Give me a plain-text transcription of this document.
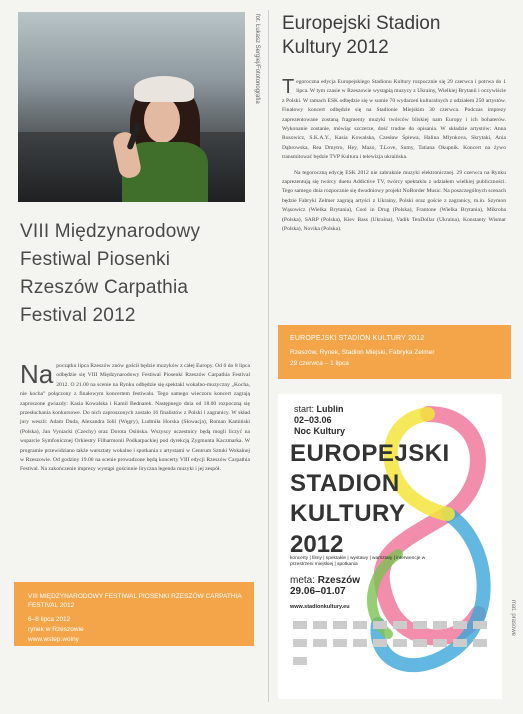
fot. Łukasz Sergiej/Fototonografia
VIII Międzynarodowy
Festiwal Piosenki
Rzeszów Carpathia
Festival 2012
Na początku lipca Rzeszów znów gościł będzie muzyków z całej Europy. Od 6 do 8 lipca odbędzie się VIII Międzynarodowy Festiwal Piosenki Rzeszów Carpathia Festival 2012. O 21.00 na scenie na Rynku odbędzie się spektakl wokalno-muzyczny „Kocha, nie kocha” połączony z finałowym koncertem festiwalu. Tego samego wieczoru koncert zagrają zaproszone gwiazdy: Kasia Kowalska i Kamil Bednarek. Następnego dnia od 18.00 rozpoczną się przesłuchania konkursowe. Do nich zaproszonych zostało 16 finalistów z Polski i zagranicy. W skład jury weszli: Adam Duda, Alexandra Iolii (Węgry), Ludmiła Horska (Słowacja), Roman Kamiński (Polska), Jan Vyniacki (Czechy) oraz Dorota Osińska. Wszyscy uczestnicy będą mogli liczyć na wsparcie Symfonicznej Orkiestry Filharmonii Podkarpackiej pod dyrekcją Zygmunta Kaczmarka. W programie przewidziano także warsztaty wokalne i spotkania z artystami w Centrum Sztuki Wokalnej w Rzeszowie. Od godziny 19.00 na scenie prowadzone będą koncerty VIII edycji Rzeszów Carpathia Festival. Na zakończenie imprezy wystąpi gościnnie liryczna legenda muzyki i jej zespół.
VIII MIĘDZYNARODOWY FESTIWAL PIOSENKI RZESZÓW CARPATHIA FESTIVAL 2012
6–8 lipca 2012
rynek w Rzeszowie
www.wstep.wolny
Europejski Stadion
Kultury 2012

Tegoroczna edycja Europejskiego Stadionu Kultury rozpocznie się 29 czerwca i potrwa do 1 lipca. W tym czasie w Rzeszowie wystąpią muzycy z Ukrainy, Wielkiej Brytanii i oczywiście z Polski. W ramach ESK odbędzie się w sumie 70 wydarzeń kulturalnych z udziałem 250 artystów. Finałowy koncert odbędzie się na Stadionie Miejskim 30 czerwca. Podczas imprezy zaprezentowane zostaną fragmenty muzyki twórców bliskiej nam Europy i ich bohaterów. Wykonanie zostanie, mówiąc szczerze, dość trudne do opisania. W składzie artystów: Anna Rusowicz, S.K.A.Y., Kasia Kowalska, Czesław Śpiewa, Halina Mlynkova, Skrytaki, Ania Dąbrowska, Rea Dmytro, Hey, Mazo, T.Love, Sumy, Tatiana Okupnik. Koncert na żywo transmitować będzie TVP Kultura i telewizja ukraińska.

Na tegoroczną edycję ESK 2012 nie zabraknie muzyki elektronicznej. 29 czerwca na Rynku zaprezentują się twórcy duetu Addictive TV, twórcy spektaklu z udziałem wielkiej publiczności. Tego samego dnia rozpocznie się dwudniowy projekt NoBorder Music. Na poszczególnych scenach będzie Fabryki Zelmer zagrają artyści z Ukrainy, Polski oraz goście z zagranicy, m.in. Szymon Wąsowicz (Wielka Brytania), Cool in Drug (Polska), Frantone (Wielka Brytania), Mikroba (Polska), SARP (Polska), Kiev Bass (Ukraina), Vadik TenDollar (Ukraina), Konstanty Wismar (Polska), Novika (Polska).

EUROPEJSKI STADION KULTURY 2012
Rzeszów, Rynek, Stadion Miejski, Fabryka Zelmer
29 czerwca – 1 lipca
start: Lublin
02–03.06
Noc Kultury
EUROPEJSKI
STADION
KULTURY
2012
koncerty | filmy | spektakle | wystawy | warsztaty | interwencje w przestrzeni miejskiej | spotkania
meta: Rzeszów
29.06–01.07
www.stadionkultury.eu	mat. prasowe
